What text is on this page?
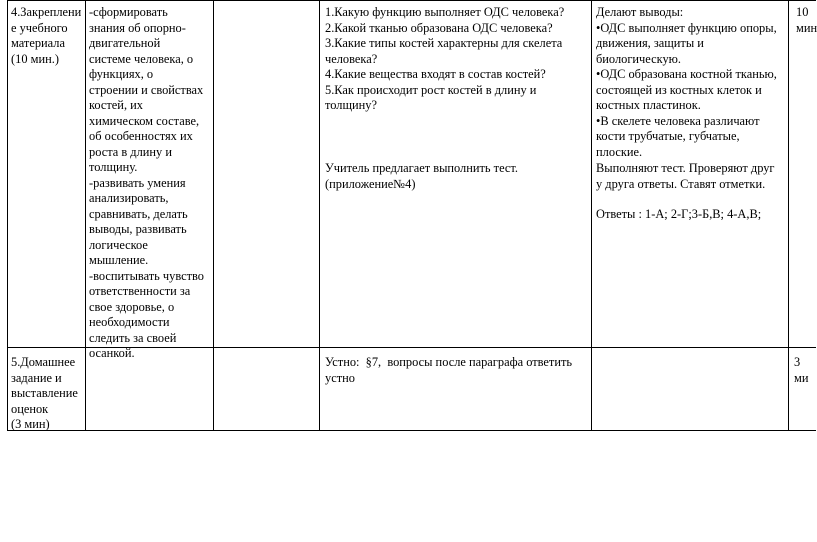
4.Закреплени
е учебного
материала
(10 мин.)
-сформировать
знания об опорно-
двигательной
системе человека, о
функциях, о
строении и свойствах
костей, их
химическом составе,
об особенностях их
роста в длину и
толщину.
-развивать умения
анализировать,
сравнивать, делать
выводы, развивать
логическое
мышление.
-воспитывать чувство
ответственности за
свое здоровье, о
необходимости
следить за своей
осанкой.
1.Какую функцию выполняет ОДС человека?
2.Какой тканью образована ОДС человека?
3.Какие типы костей характерны для скелета
человека?
4.Какие вещества входят в состав костей?
5.Как происходит рост костей в длину и
толщину?
Учитель предлагает выполнить тест.
(приложение№4)
Делают выводы:
•ОДС выполняет функцию опоры,
движения, защиты и
биологическую.
•ОДС образована костной тканью,
состоящей из костных клеток и
костных пластинок.
•В скелете человека различают
кости трубчатые, губчатые,
плоские.
Выполняют тест. Проверяют друг
у друга ответы. Ставят отметки.
Ответы : 1-А; 2-Г;3-Б,В; 4-А,В;
10
мин
5.Домашнее
задание и
выставление
оценок
(3 мин)
Устно:  §7,  вопросы после параграфа ответить
устно
3 ми
